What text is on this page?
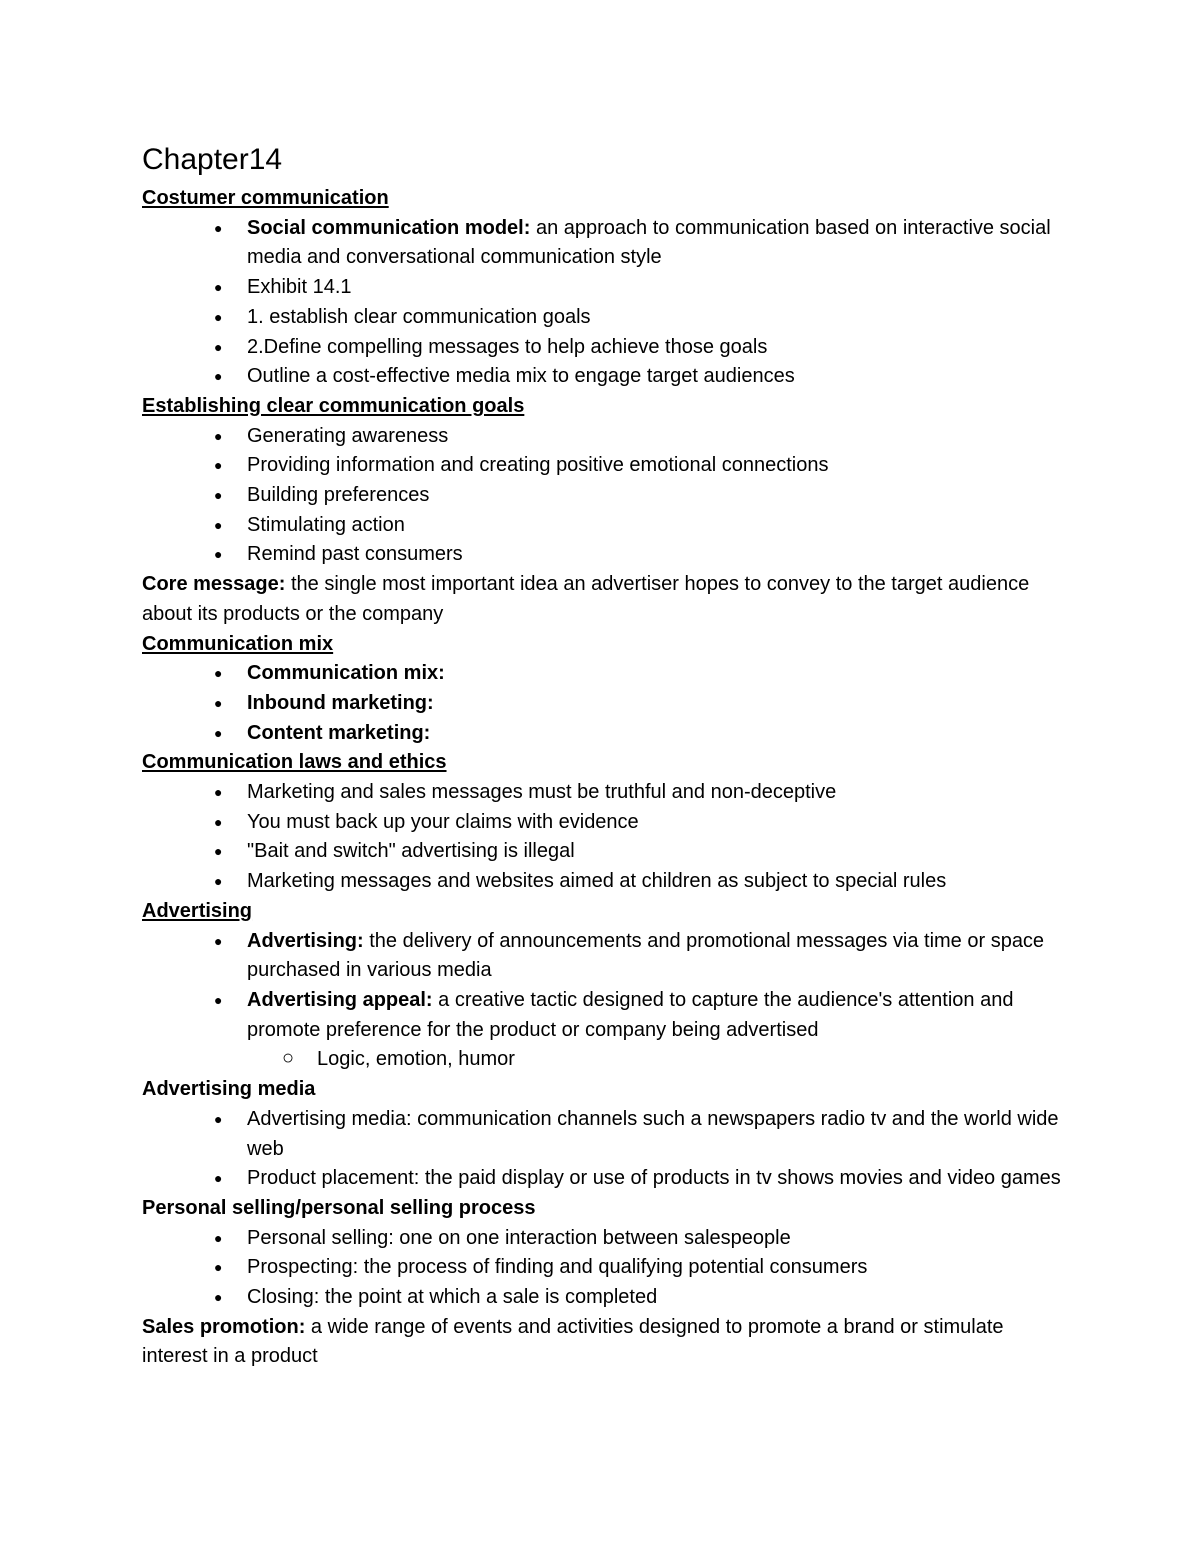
Chapter14
Costumer communication
● Social communication model: an approach to communication based on interactive social media and conversational communication style
● Exhibit 14.1
● 1. establish clear communication goals
● 2.Define compelling messages to help achieve those goals
● Outline a cost-effective media mix to engage target audiences
Establishing clear communication goals
● Generating awareness
● Providing information and creating positive emotional connections
● Building preferences
● Stimulating action
● Remind past consumers
Core message: the single most important idea an advertiser hopes to convey to the target audience about its products or the company
Communication mix
● Communication mix:
● Inbound marketing:
● Content marketing:
Communication laws and ethics
● Marketing and sales messages must be truthful and non-deceptive
● You must back up your claims with evidence
● "Bait and switch" advertising is illegal
● Marketing messages and websites aimed at children as subject to special rules
Advertising
● Advertising: the delivery of announcements and promotional messages via time or space purchased in various media
● Advertising appeal: a creative tactic designed to capture the audience's attention and promote preference for the product or company being advertised
○ Logic, emotion, humor
Advertising media
● Advertising media: communication channels such a newspapers radio tv and the world wide web
● Product placement: the paid display or use of products in tv shows movies and video games
Personal selling/personal selling process
● Personal selling: one on one interaction between salespeople
● Prospecting: the process of finding and qualifying potential consumers
● Closing: the point at which a sale is completed
Sales promotion: a wide range of events and activities designed to promote a brand or stimulate interest in a product
